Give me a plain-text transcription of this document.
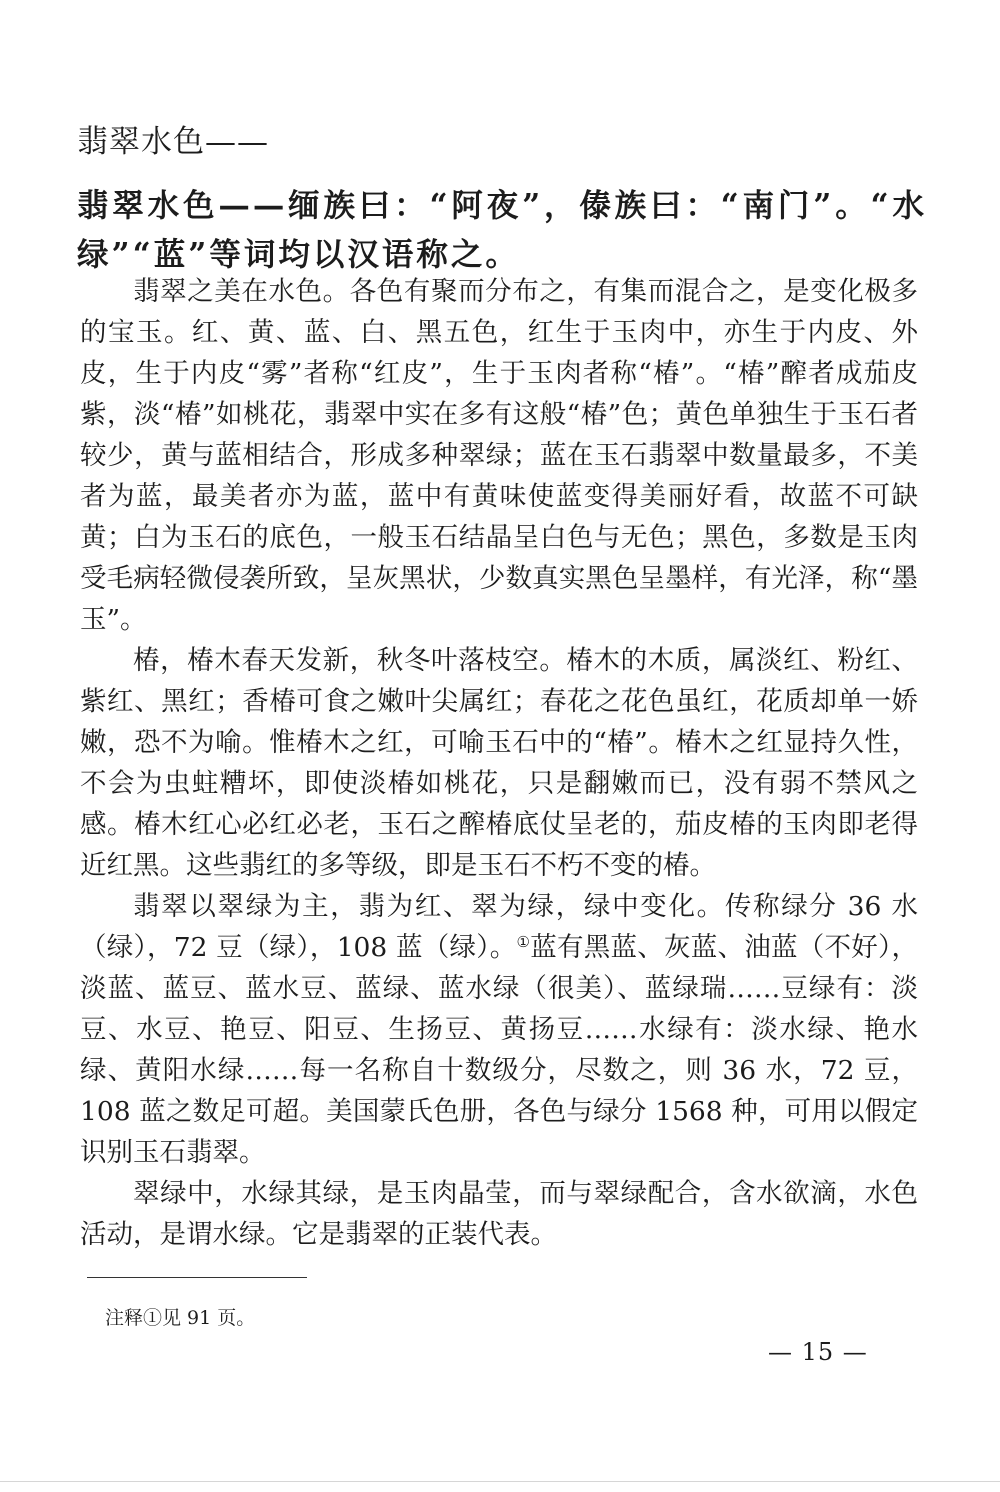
翡翠水色——
翡翠水色——缅族曰：“阿夜”，傣族曰：“南门”。“水绿”“蓝”等词均以汉语称之。

翡翠之美在水色。各色有聚而分布之，有集而混合之，是变化极多的宝玉。红、黄、蓝、白、黑五色，红生于玉肉中，亦生于内皮、外皮，生于内皮“雾”者称“红皮”，生于玉肉者称“椿”。“椿”醡者成茄皮紫，淡“椿”如桃花，翡翠中实在多有这般“椿”色；黄色单独生于玉石者较少，黄与蓝相结合，形成多种翠绿；蓝在玉石翡翠中数量最多，不美者为蓝，最美者亦为蓝，蓝中有黄味使蓝变得美丽好看，故蓝不可缺黄；白为玉石的底色，一般玉石结晶呈白色与无色；黑色，多数是玉肉受毛病轻微侵袭所致，呈灰黑状，少数真实黑色呈墨样，有光泽，称“墨玉”。

椿，椿木春天发新，秋冬叶落枝空。椿木的木质，属淡红、粉红、紫红、黑红；香椿可食之嫩叶尖属红；春花之花色虽红，花质却单一娇嫩，恐不为喻。惟椿木之红，可喻玉石中的“椿”。椿木之红显持久性，不会为虫蛀糟坏，即使淡椿如桃花，只是翻嫩而已，没有弱不禁风之感。椿木红心必红必老，玉石之醡椿底仗呈老的，茄皮椿的玉肉即老得近红黑。这些翡红的多等级，即是玉石不朽不变的椿。

翡翠以翠绿为主，翡为红、翠为绿，绿中变化。传称绿分 36 水（绿），72 豆（绿），108 蓝（绿）。①蓝有黑蓝、灰蓝、油蓝（不好），淡蓝、蓝豆、蓝水豆、蓝绿、蓝水绿（很美）、蓝绿瑞……豆绿有：淡豆、水豆、艳豆、阳豆、生扬豆、黄扬豆……水绿有：淡水绿、艳水绿、黄阳水绿……每一名称自十数级分，尽数之，则 36 水，72 豆，108 蓝之数足可超。美国蒙氏色册，各色与绿分 1568 种，可用以假定识别玉石翡翠。

翠绿中，水绿其绿，是玉肉晶莹，而与翠绿配合，含水欲滴，水色活动，是谓水绿。它是翡翠的正装代表。

注释①见 91 页。
— 15 —
